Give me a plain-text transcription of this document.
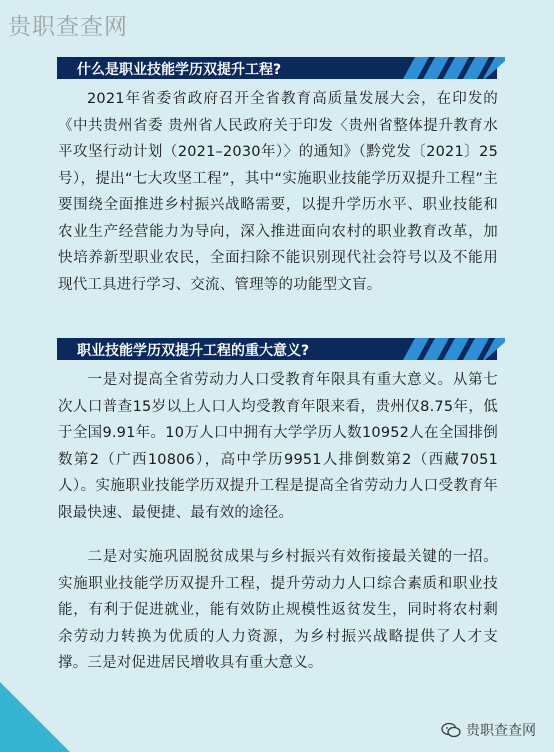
贵职查查网
什么是职业技能学历双提升工程?
2021年省委省政府召开全省教育高质量发展大会，在印发的《中共贵州省委 贵州省人民政府关于印发〈贵州省整体提升教育水平攻坚行动计划（2021–2030年）〉的通知》（黔党发〔2021〕25号），提出“七大攻坚工程”，其中“实施职业技能学历双提升工程”主要围绕全面推进乡村振兴战略需要，以提升学历水平、职业技能和农业生产经营能力为导向，深入推进面向农村的职业教育改革，加快培养新型职业农民，全面扫除不能识别现代社会符号以及不能用现代工具进行学习、交流、管理等的功能型文盲。
职业技能学历双提升工程的重大意义?
一是对提高全省劳动力人口受教育年限具有重大意义。从第七次人口普查15岁以上人口人均受教育年限来看，贵州仅8.75年，低于全国9.91年。10万人口中拥有大学学历人数10952人在全国排倒数第2（广西10806），高中学历9951人排倒数第2（西藏7051人）。实施职业技能学历双提升工程是提高全省劳动力人口受教育年限最快速、最便捷、最有效的途径。
二是对实施巩固脱贫成果与乡村振兴有效衔接最关键的一招。实施职业技能学历双提升工程，提升劳动力人口综合素质和职业技能，有利于促进就业，能有效防止规模性返贫发生，同时将农村剩余劳动力转换为优质的人力资源，为乡村振兴战略提供了人才支撑。三是对促进居民增收具有重大意义。
贵职查查网
